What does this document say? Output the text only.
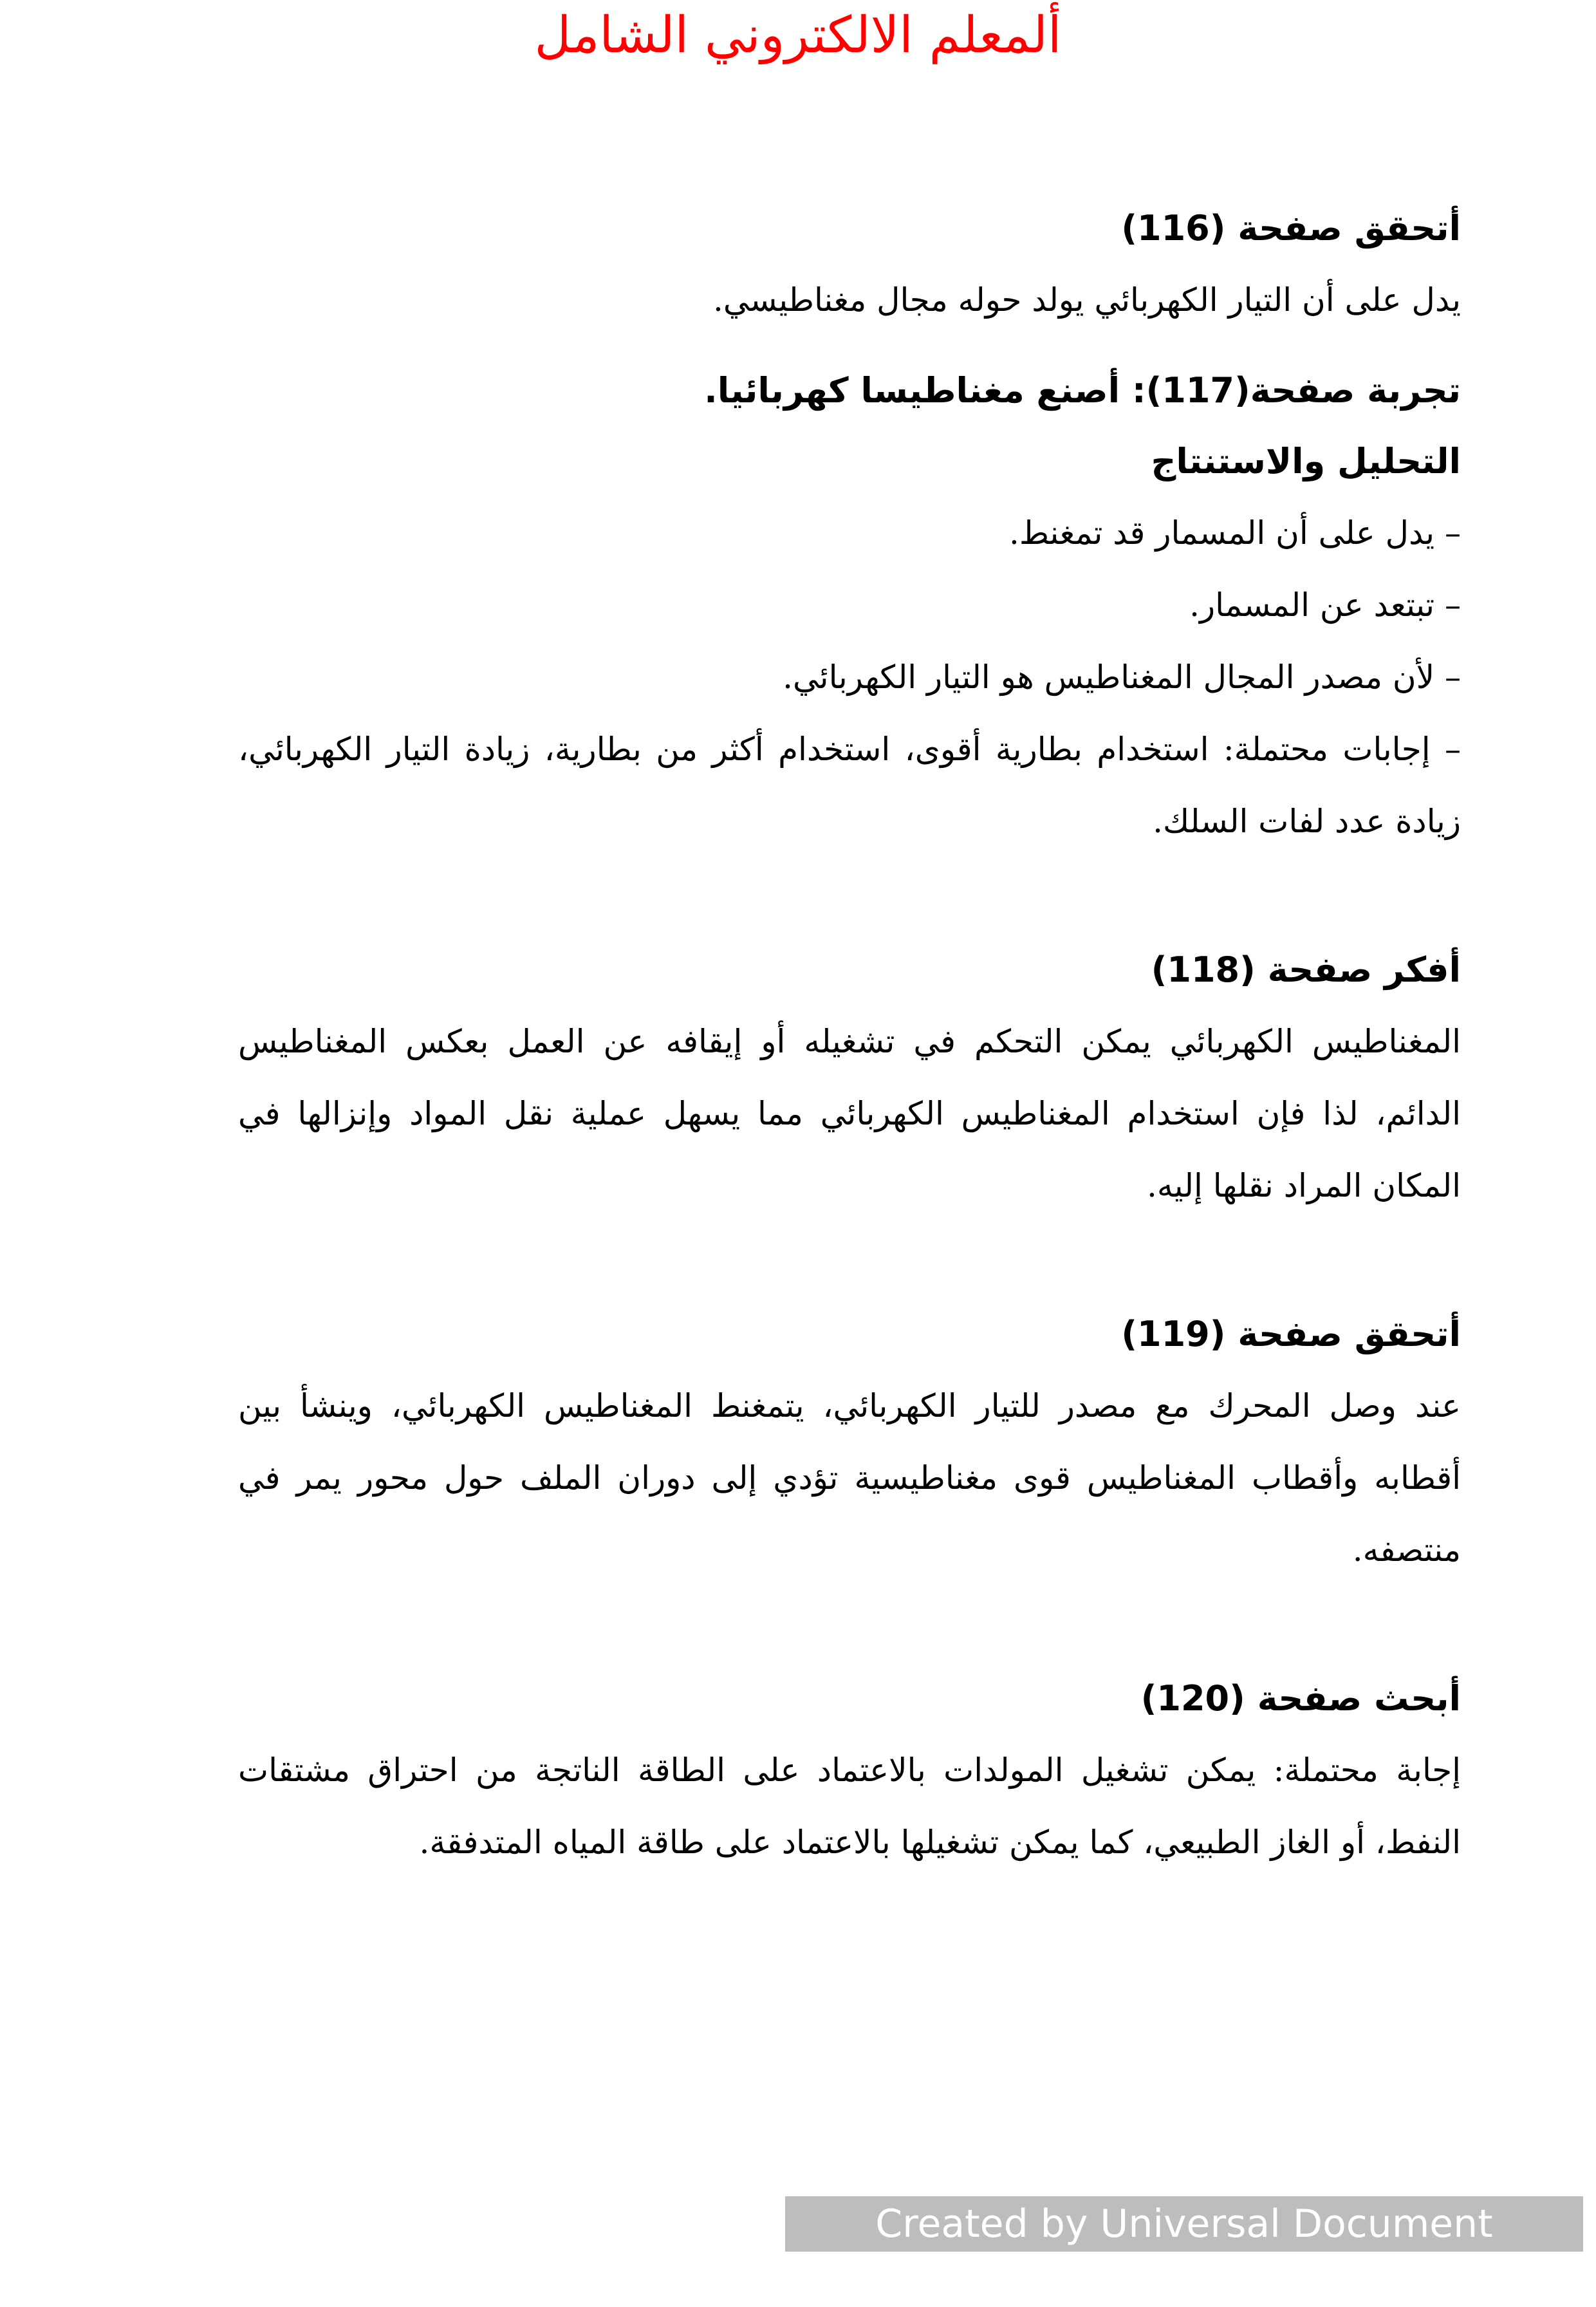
ألمعلم الالكتروني الشامل

أتحقق صفحة (116)

يدل على أن التيار الكهربائي يولد حوله مجال مغناطيسي.

تجربة صفحة(117): أصنع مغناطيسا كهربائيا.

التحليل والاستنتاج

– يدل على أن المسمار قد تمغنط.

– تبتعد عن المسمار.

– لأن مصدر المجال المغناطيس هو التيار الكهربائي.

– إجابات محتملة: استخدام بطارية أقوى، استخدام أكثر من بطارية، زيادة التيار الكهربائي، زيادة عدد لفات السلك.

أفكر صفحة (118)

المغناطيس الكهربائي يمكن التحكم في تشغيله أو إيقافه عن العمل بعكس المغناطيس الدائم، لذا فإن استخدام المغناطيس الكهربائي مما يسهل عملية نقل المواد وإنزالها في المكان المراد نقلها إليه.

أتحقق صفحة (119)

عند وصل المحرك مع مصدر للتيار الكهربائي، يتمغنط المغناطيس الكهربائي، وينشأ بين أقطابه وأقطاب المغناطيس قوى مغناطيسية تؤدي إلى دوران الملف حول محور يمر في منتصفه.

أبحث صفحة (120)

إجابة محتملة: يمكن تشغيل المولدات بالاعتماد على الطاقة الناتجة من احتراق مشتقات النفط، أو الغاز الطبيعي، كما يمكن تشغيلها بالاعتماد على طاقة المياه المتدفقة.

Created by Universal Document Converter
